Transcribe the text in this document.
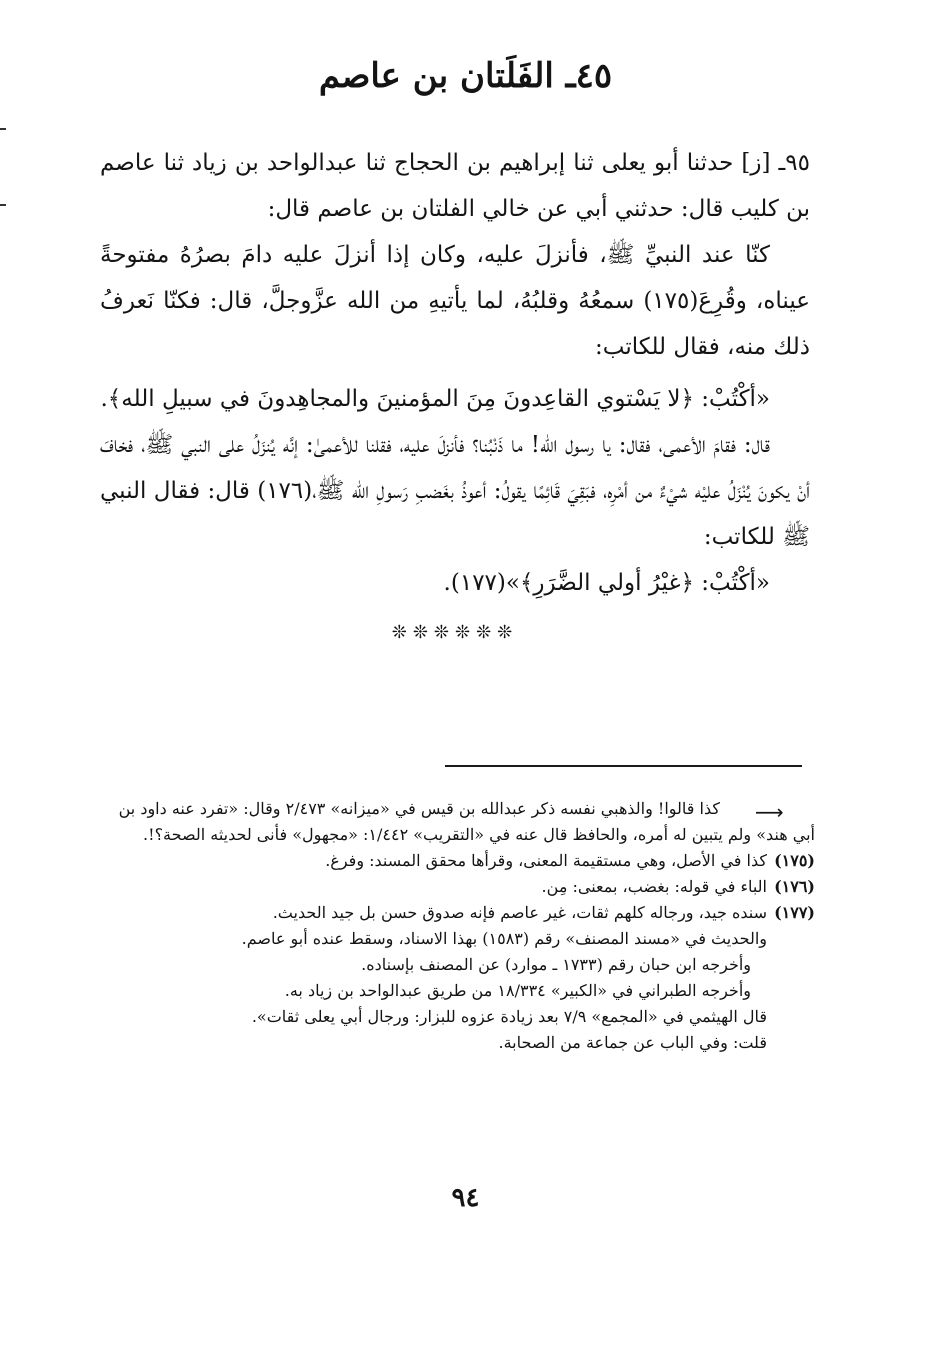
٤٥ـ الفَلَتان بن عاصم

٩٥ـ [ز] حدثنا أبو يعلى ثنا إبراهيم بن الحجاج ثنا عبدالواحد بن زياد ثنا عاصم بن كليب قال: حدثني أبي عن خالي الفلتان بن عاصم قال:

كنّا عند النبيِّ ﷺ، فأنزلَ عليه، وكان إذا أنزلَ عليه دامَ بصرُهُ مفتوحةً عيناه، وقُرِعَ(١٧٥) سمعُهُ وقلبُهُ، لما يأتيهِ من الله عزَّوجلَّ، قال: فكنّا نَعرفُ ذلك منه، فقال للكاتب:

«أكْتُبْ: ﴿لا يَسْتوي القاعِدونَ مِنَ المؤمنينَ والمجاهِدونَ في سبيلِ الله﴾.

قال: فقامَ الأعمى، فقال: يا رسول الله! ما ذَنْبُنا؟ فأنزلَ عليه، فقلنا للأعمىٰ: إنَّه يُنزَلُ على النبي ﷺ، فخافَ أنْ يكونَ يُنْزَلُ عليْه شيْءٌ من أمْرِه، فبَقِيَ قَائِمًا يقولُ: أعوذُ بغَضبِ رَسولِ الله ﷺ،(١٧٦) قال: فقال النبي ﷺ للكاتب:

«أكْتُبْ: ﴿غيْرُ أولي الضَّرَرِ﴾»(١٧٧).

❊❊❊❊❊❊
⟶

كذا قالوا! والذهبي نفسه ذكر عبدالله بن قيس في «ميزانه» ٢/٤٧٣ وقال: «تفرد عنه داود بن أبي هند» ولم يتبين له أمره، والحافظ قال عنه في «التقريب» ١/٤٤٢: «مجهول» فأنى لحديثه الصحة؟!.

(١٧٥)
كذا في الأصل، وهي مستقيمة المعنى، وقرأها محقق المسند: وفرغ.
(١٧٦)
الباء في قوله: بغضب، بمعنى: مِن.
(١٧٧)
سنده جيد، ورجاله كلهم ثقات، غير عاصم فإنه صدوق حسن بل جيد الحديث.

والحديث في «مسند المصنف» رقم (١٥٨٣) بهذا الاسناد، وسقط عنده أبو عاصم.

وأخرجه ابن حبان رقم (١٧٣٣ ـ موارد) عن المصنف بإسناده.

وأخرجه الطبراني في «الكبير» ١٨/٣٣٤ من طريق عبدالواحد بن زياد به.

قال الهيثمي في «المجمع» ٧/٩ بعد زيادة عزوه للبزار: ورجال أبي يعلى ثقات».

قلت: وفي الباب عن جماعة من الصحابة.

٩٤
